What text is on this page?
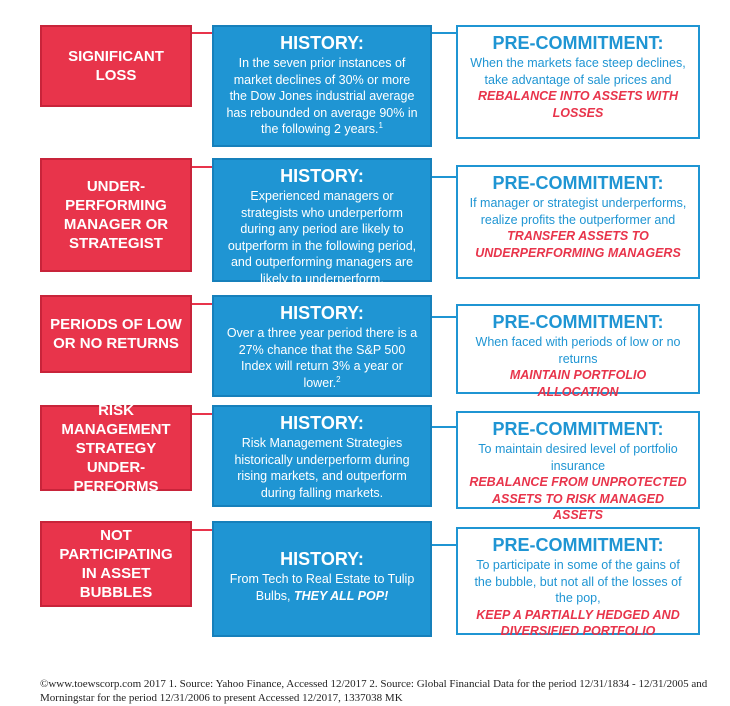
SIGNIFICANT LOSS
HISTORY:
In the seven prior instances of market declines of 30% or more the Dow Jones industrial average has rebounded on average 90% in the following 2 years.$^1$
PRE-COMMITMENT:
When the markets face steep declines, take advantage of sale prices and
REBALANCE INTO ASSETS WITH LOSSES
UNDER-PERFORMING MANAGER OR STRATEGIST
HISTORY:
Experienced managers or strategists who underperform during any period are likely to outperform in the following period, and outperforming managers are likely to underperform.
PRE-COMMITMENT:
If manager or strategist underperforms, realize profits the outperformer and
TRANSFER ASSETS TO UNDERPERFORMING MANAGERS
PERIODS OF LOW OR NO RETURNS
HISTORY:
Over a three year period there is a 27% chance that the S&P 500 Index will return 3% a year or lower.$^2$
PRE-COMMITMENT:
When faced with periods of low or no returns
MAINTAIN PORTFOLIO ALLOCATION
RISK MANAGEMENT STRATEGY UNDER-PERFORMS
HISTORY:
Risk Management Strategies historically underperform during rising markets, and outperform during falling markets.
PRE-COMMITMENT:
To maintain desired level of portfolio insurance
REBALANCE FROM UNPROTECTED ASSETS TO RISK MANAGED ASSETS
NOT PARTICIPATING IN ASSET BUBBLES
HISTORY:
From Tech to Real Estate to Tulip Bulbs, THEY ALL POP!
PRE-COMMITMENT:
To participate in some of the gains of the bubble, but not all of the losses of the pop,
KEEP A PARTIALLY HEDGED AND DIVERSIFIED PORTFOLIO
©www.toewscorp.com 2017 1. Source: Yahoo Finance, Accessed 12/2017 2. Source: Global Financial Data for the period 12/31/1834 - 12/31/2005 and Morningstar for the period 12/31/2006 to present Accessed 12/2017, 1337038 MK
